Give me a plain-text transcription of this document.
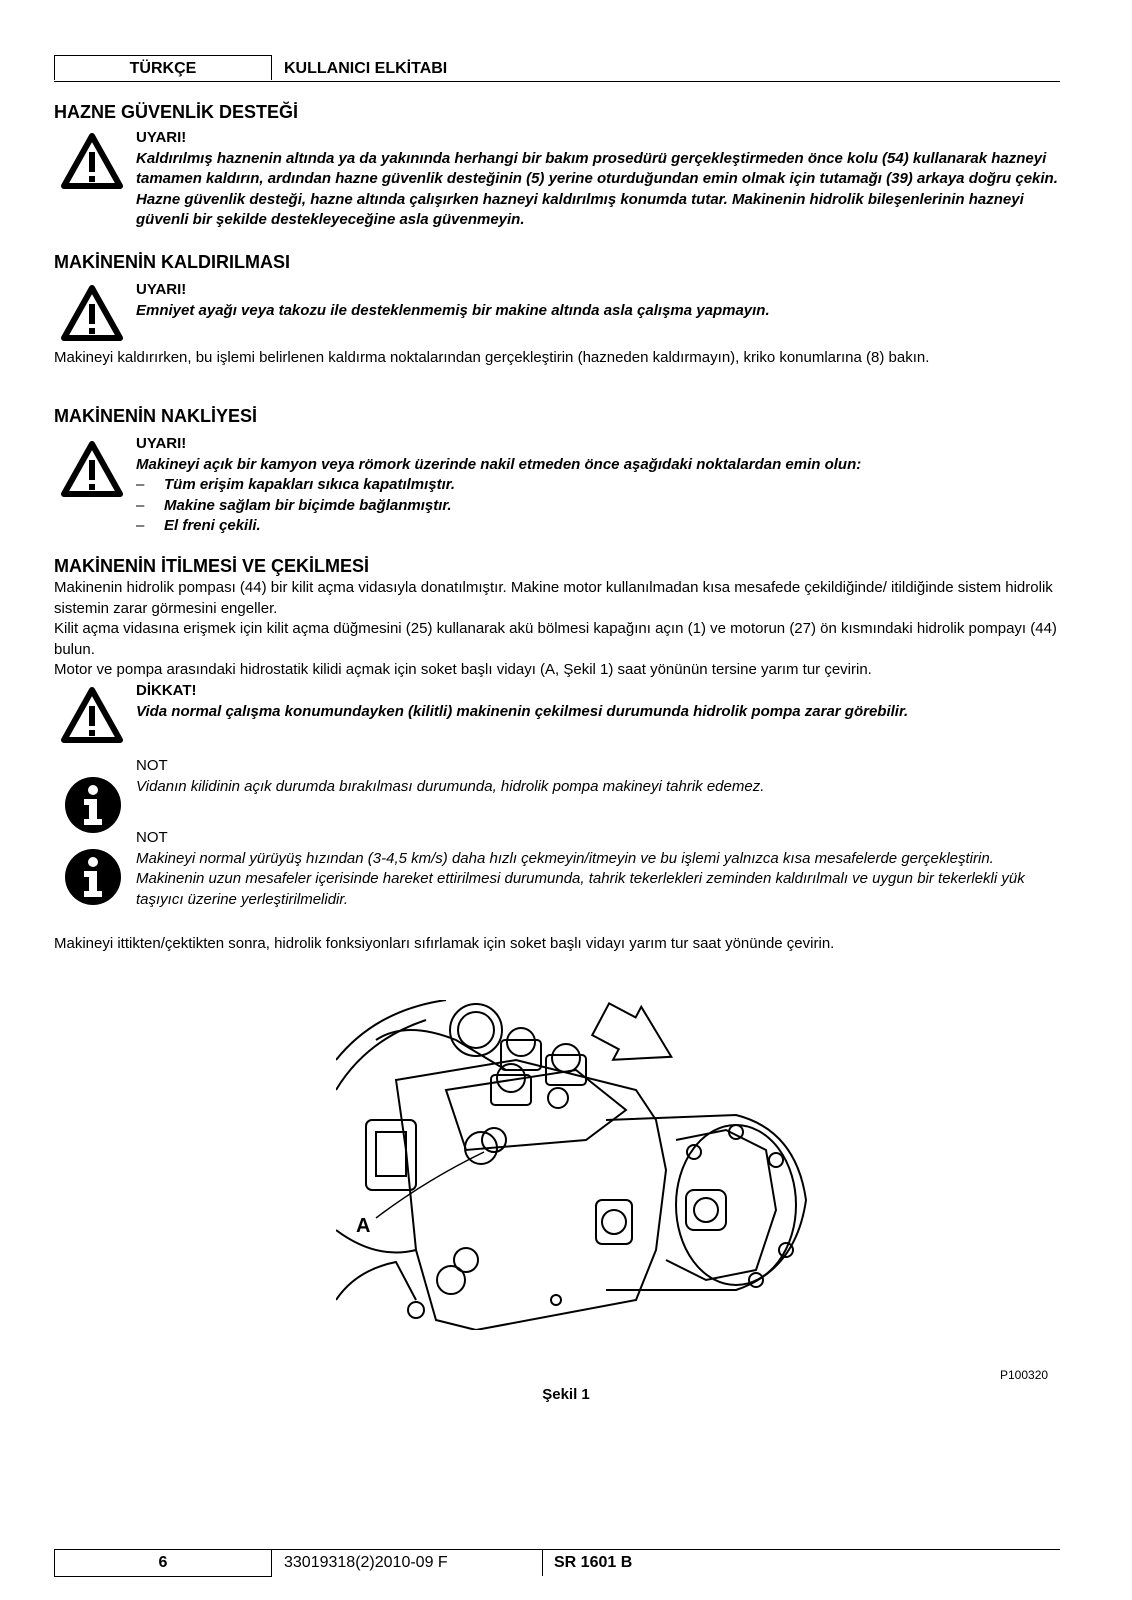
TÜRKÇE	KULLANICI ELKİTABI
HAZNE GÜVENLİK DESTEĞİ
UYARI!
Kaldırılmış haznenin altında ya da yakınında herhangi bir bakım prosedürü gerçekleştirmeden önce kolu (54) kullanarak hazneyi tamamen kaldırın, ardından hazne güvenlik desteğinin (5) yerine oturduğundan emin olmak için tutamağı (39) arkaya doğru çekin. Hazne güvenlik desteği, hazne altında çalışırken hazneyi kaldırılmış konumda tutar. Makinenin hidrolik bileşenlerinin hazneyi güvenli bir şekilde destekleyeceğine asla güvenmeyin.
MAKİNENİN KALDIRILMASI
UYARI!
Emniyet ayağı veya takozu ile desteklenmemiş bir makine altında asla çalışma yapmayın.
Makineyi kaldırırken, bu işlemi belirlenen kaldırma noktalarından gerçekleştirin (hazneden kaldırmayın), kriko konumlarına (8) bakın.
MAKİNENİN NAKLİYESİ
UYARI!
Makineyi açık bir kamyon veya römork üzerinde nakil etmeden önce aşağıdaki noktalardan emin olun:
–	Tüm erişim kapakları sıkıca kapatılmıştır.
–	Makine sağlam bir biçimde bağlanmıştır.
–	El freni çekili.
MAKİNENİN İTİLMESİ VE ÇEKİLMESİ
Makinenin hidrolik pompası (44) bir kilit açma vidasıyla donatılmıştır. Makine motor kullanılmadan kısa mesafede çekildiğinde/ itildiğinde sistem hidrolik sistemin zarar görmesini engeller.
Kilit açma vidasına erişmek için kilit açma düğmesini (25) kullanarak akü bölmesi kapağını açın (1) ve motorun (27) ön kısmındaki hidrolik pompayı (44) bulun.
Motor ve pompa arasındaki hidrostatik kilidi açmak için soket başlı vidayı (A, Şekil 1) saat yönünün tersine yarım tur çevirin.
DİKKAT!
Vida normal çalışma konumundayken (kilitli) makinenin çekilmesi durumunda hidrolik pompa zarar görebilir.
NOT
Vidanın kilidinin açık durumda bırakılması durumunda, hidrolik pompa makineyi tahrik edemez.
NOT
Makineyi normal yürüyüş hızından (3-4,5 km/s) daha hızlı çekmeyin/itmeyin ve bu işlemi yalnızca kısa mesafelerde gerçekleştirin.
Makinenin uzun mesafeler içerisinde hareket ettirilmesi durumunda, tahrik tekerlekleri zeminden kaldırılmalı ve uygun bir tekerlekli yük taşıyıcı üzerine yerleştirilmelidir.
Makineyi ittikten/çektikten sonra, hidrolik fonksiyonları sıfırlamak için soket başlı vidayı yarım tur saat yönünde çevirin.
A
P100320
Şekil 1
6	33019318(2)2010-09 F	SR 1601 B
